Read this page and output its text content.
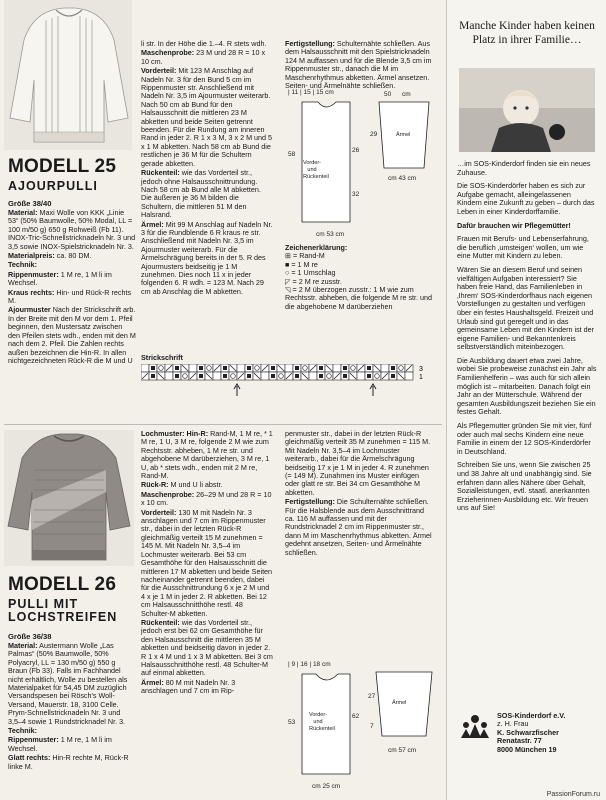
MODELL 25
AJOURPULLI
Größe 38/40

Material: Maxi Wolle von KKK „Linie 53“ (50% Baumwolle, 50% Modal, LL = 100 m/50 g) 650 g Rohweiß (Fb 11). INOX-Tric-Schnellstricknadeln Nr. 3 und 3,5 sowie INOX-Spielstricknadeln Nr. 3.

Materialpreis: ca. 80 DM.

Technik:

Rippenmuster: 1 M re, 1 M li im Wechsel.

Kraus rechts: Hin- und Rück-R rechts M.

Ajourmuster Nach der Strickschrift arb. In der Breite mit den M vor dem 1. Pfeil beginnen, den Mustersatz zwischen den Pfeilen stets wdh., enden mit den M nach dem 2. Pfeil. Die Zahlen rechts außen bezeichnen die Hin-R. In allen nichtgezeichneten Rück-R die M und U

li str. In der Höhe die 1.–4. R stets wdh.

Maschenprobe: 23 M und 28 R = 10 x 10 cm.

Vorderteil: Mit 123 M Anschlag auf Nadeln Nr. 3 für den Bund 5 cm im Rippenmuster str. Anschließend mit Nadeln Nr. 3,5 im Ajourmuster weiterarb. Nach 50 cm ab Bund für den Halsausschnitt die mittleren 23 M abketten und beide Seiten getrennt beenden. Für die Rundung am inneren Rand in jeder 2. R 1 x 3 M, 3 x 2 M und 5 x 1 M abketten. Nach 58 cm ab Bund die restlichen je 36 M für die Schultern gerade abketten.

Rückenteil: wie das Vorderteil str., jedoch ohne Halsausschnittrundung. Nach 58 cm ab Bund alle M abketten. Die äußeren je 36 M bilden die Schultern, die mittleren 51 M den Halsrand.

Ärmel: Mit 99 M Anschlag auf Nadeln Nr. 3 für die Rundblende 6 R kraus re str. Anschließend mit Nadeln Nr. 3,5 im Ajourmuster weiterarb. Für die Ärmelschrägung bereits in der 5. R des Ajourmusters beidseitig je 1 M zunehmen. Dies noch 11 x in jeder folgenden 6. R wdh. = 123 M. Nach 29 cm ab Anschlag die M abketten.

Fertigstellung: Schulternähte schließen. Aus dem Halsausschnitt mit den Spielstricknadeln 124 M auffassen und für die Blende 3,5 cm im Rippenmuster str., danach die M im Maschenrhythmus abketten. Ärmel ansetzen. Seiten- und Ärmelnähte schließen.

| 11 | 15 | 15 cm
Vorder-
und
Rückenteil
58
26
32
cm 53 cm
Ärmel
cm
50
29
cm 43 cm
Zeichenerklärung:
⊞ = Rand-M
■ = 1 M re
○ = 1 Umschlag
◸ = 2 M re zusstr.
◹ = 2 M überzogen zusstr.: 1 M wie zum Rechtsstr. abheben, die folgende M re str. und die abgehobene M darüberziehen
Strickschrift
3
1
MODELL 26
PULLI MIT LOCHSTREIFEN
Größe 36/38

Material: Austermann Wolle „Las Palmas“ (50% Baumwolle, 50% Polyacryl, LL = 130 m/50 g) 550 g Braun (Fb 33). Falls im Fachhandel nicht erhältlich, Wolle zu bestellen als Materialpaket für 54,45 DM zuzüglich Versandspesen bei Rösch's Woll-Versand, Mauerstr. 18, 3100 Celle. Prym-Schnellstricknadeln Nr. 3 und 3,5–4 sowie 1 Rundstricknadel Nr. 3.

Technik:

Rippenmuster: 1 M re, 1 M li im Wechsel.

Glatt rechts: Hin-R rechte M, Rück-R linke M.

Lochmuster: Hin-R: Rand-M, 1 M re, * 1 M re, 1 U, 3 M re, folgende 2 M wie zum Rechtsstr. abheben, 1 M re str. und abgehobene M darüberziehen, 3 M re, 1 U, ab * stets wdh., enden mit 2 M re, Rand-M.

Rück-R: M und U li abstr.

Maschenprobe: 26–29 M und 28 R = 10 x 10 cm.

Vorderteil: 130 M mit Nadeln Nr. 3 anschlagen und 7 cm im Rippenmuster str., dabei in der letzten Rück-R gleichmäßig verteilt 15 M zunehmen = 145 M. Mit Nadeln Nr. 3,5–4 im Lochmuster weiterarb. Bei 53 cm Gesamthöhe für den Halsausschnitt die mittleren 17 M abketten und beide Seiten nacheinander getrennt beenden, dabei für die Ausschnittrundung 6 x je 2 M und 4 x je 1 M in jeder 2. R abketten. Bei 12 cm Halsausschnitthöhe restl. 48 Schulter-M abketten.

Rückenteil: wie das Vorderteil str., jedoch erst bei 62 cm Gesamthöhe für den Halsausschnitt die mittleren 35 M abketten und beidseitig davon in jeder 2. R 1 x 4 M und 1 x 3 M abketten. Bei 3 cm Halsausschnitthöhe restl. 48 Schulter-M auf einmal abketten.

Ärmel: 80 M mit Nadeln Nr. 3 anschlagen und 7 cm im Rip-

penmuster str., dabei in der letzten Rück-R gleichmäßig verteilt 35 M zunehmen = 115 M. Mit Nadeln Nr. 3,5–4 im Lochmuster weiterarb., dabei für die Ärmelschrägung beidseitig 17 x je 1 M in jeder 4. R zunehmen (= 149 M). Zunahmen ins Muster einfügen oder glatt re str. Bei 34 cm Gesamthöhe M abketten.

Fertigstellung: Die Schulternähte schließen. Für die Halsblende aus dem Ausschnittrand ca. 116 M auffassen und mit der Rundstricknadel 2 cm im Rippenmuster str., dann M im Maschenrhythmus abketten. Ärmel gedehnt ansetzen, Seiten- und Ärmelnähte schließen.

| 9 | 16 | 18 cm
Vorder-
und
Rückenteil
53
62
cm 25 cm
Ärmel
27
7
cm 57 cm
Manche Kinder haben keinen Platz in ihrer Familie…

…im SOS-Kinderdorf finden sie ein neues Zuhause.

Die SOS-Kinderdörfer haben es sich zur Aufgabe gemacht, alleingelassenen Kindern eine Zukunft zu geben – durch das Leben in einer Kinderdorffamilie.

Dafür brauchen wir Pflegemütter!

Frauen mit Berufs- und Lebenserfahrung, die beruflich ‚umsteigen‘ wollen, um wie eine Mutter mit Kindern zu leben.

Wären Sie an diesem Beruf und seinen vielfältigen Aufgaben interessiert? Sie haben freie Hand, das Familienleben in ‚Ihrem‘ SOS-Kinderdorfhaus nach eigenen Vorstellungen zu gestalten und verfügen über ein festes Haushaltsgeld. Freizeit und Urlaub sind gut geregelt und in das gemeinsame Leben mit den Kindern ist der eigene Familien- und Bekanntenkreis selbstverständlich miteinbezogen.

Die Ausbildung dauert etwa zwei Jahre, wobei Sie probeweise zunächst ein Jahr als Familienhelferin – was auch für sich allein möglich ist – mitarbeiten. Danach folgt ein Jahr an der Mütterschule. Während der gesamten Ausbildungszeit beziehen Sie ein festes Gehalt.

Als Pflegemutter gründen Sie mit vier, fünf oder auch mal sechs Kindern eine neue Familie in einem der 12 SOS-Kinderdörfer in Deutschland.

Schreiben Sie uns, wenn Sie zwischen 25 und 38 Jahre alt und unabhängig sind. Sie erfahren dann alles Nähere über Gehalt, Sozialleistungen, evtl. staatl. anerkannten Erzieherinnen-Ausbildung etc. Wir freuen uns auf Sie!

SOS-Kinderdorf e.V.
z. H. Frau
K. Schwarzfischer
Renatastr. 77
8000 München 19
PassionForum.ru
